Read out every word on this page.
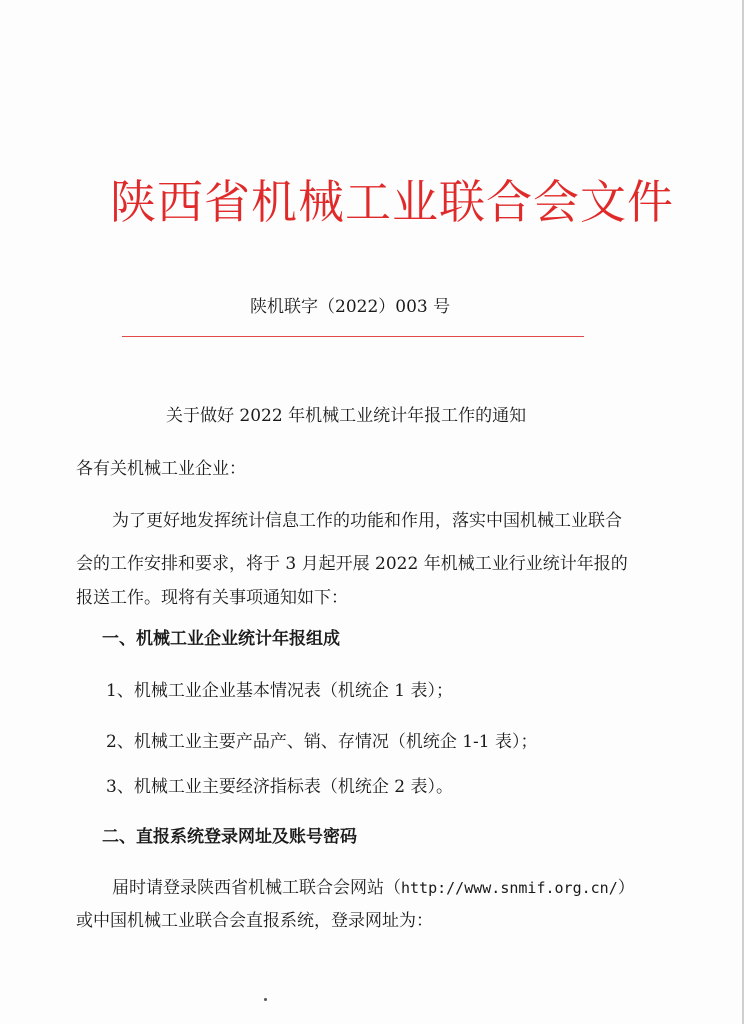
陕西省机械工业联合会文件
陕机联字（2022）003 号
关于做好 2022 年机械工业统计年报工作的通知
各有关机械工业企业：
为了更好地发挥统计信息工作的功能和作用，落实中国机械工业联合
会的工作安排和要求，将于 3 月起开展 2022 年机械工业行业统计年报的
报送工作。现将有关事项通知如下：
一、机械工业企业统计年报组成
1、机械工业企业基本情况表（机统企 1 表）；
2、机械工业主要产品产、销、存情况（机统企 1-1 表）；
3、机械工业主要经济指标表（机统企 2 表）。
二、直报系统登录网址及账号密码
届时请登录陕西省机械工联合会网站（http://www.snmif.org.cn/）
或中国机械工业联合会直报系统，登录网址为：
